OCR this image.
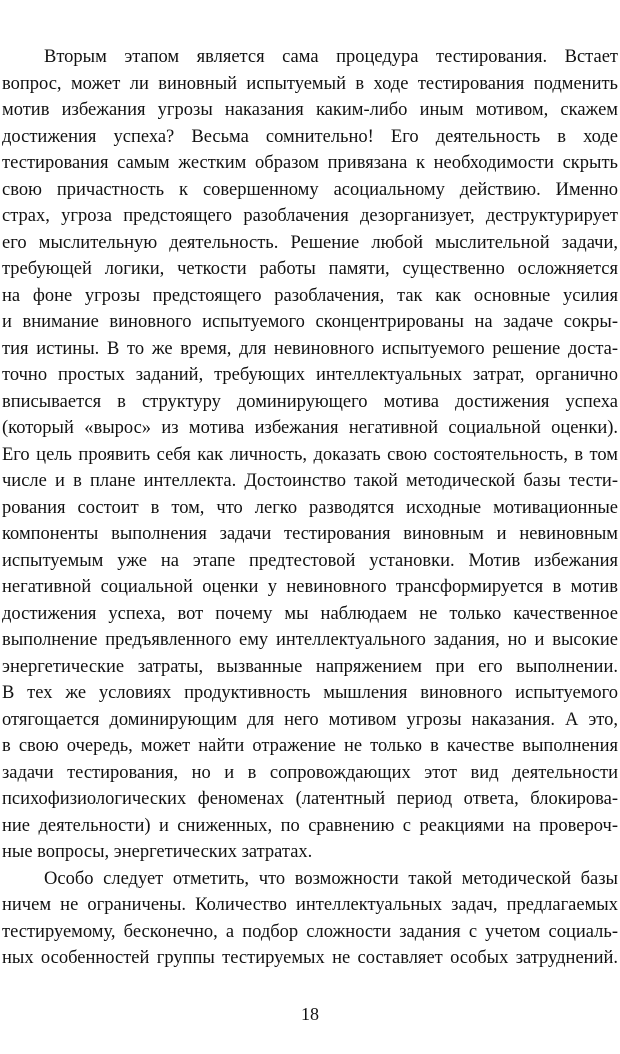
Вторым этапом является сама процедура тестирования. Встает
вопрос, может ли виновный испытуемый в ходе тестирования подменить
мотив избежания угрозы наказания каким-либо иным мотивом, скажем
достижения успеха? Весьма сомнительно! Его деятельность в ходе
тестирования самым жестким образом привязана к необходимости скрыть
свою причастность к совершенному асоциальному действию. Именно
страх, угроза предстоящего разоблачения дезорганизует, деструктурирует
его мыслительную деятельность. Решение любой мыслительной задачи,
требующей логики, четкости работы памяти, существенно осложняется
на фоне угрозы предстоящего разоблачения, так как основные усилия
и внимание виновного испытуемого сконцентрированы на задаче сокры-
тия истины. В то же время, для невиновного испытуемого решение доста-
точно простых заданий, требующих интеллектуальных затрат, органично
вписывается в структуру доминирующего мотива достижения успеха
(который «вырос» из мотива избежания негативной социальной оценки).
Его цель проявить себя как личность, доказать свою состоятельность, в том
числе и в плане интеллекта. Достоинство такой методической базы тести-
рования состоит в том, что легко разводятся исходные мотивационные
компоненты выполнения задачи тестирования виновным и невиновным
испытуемым уже на этапе предтестовой установки. Мотив избежания
негативной социальной оценки у невиновного трансформируется в мотив
достижения успеха, вот почему мы наблюдаем не только качественное
выполнение предъявленного ему интеллектуального задания, но и высокие
энергетические затраты, вызванные напряжением при его выполнении.
В тех же условиях продуктивность мышления виновного испытуемого
отягощается доминирующим для него мотивом угрозы наказания. А это,
в свою очередь, может найти отражение не только в качестве выполнения
задачи тестирования, но и в сопровождающих этот вид деятельности
психофизиологических феноменах (латентный период ответа, блокирова-
ние деятельности) и сниженных, по сравнению с реакциями на провероч-
ные вопросы, энергетических затратах.
Особо следует отметить, что возможности такой методической базы
ничем не ограничены. Количество интеллектуальных задач, предлагаемых
тестируемому, бесконечно, а подбор сложности задания с учетом социаль-
ных особенностей группы тестируемых не составляет особых затруднений.
18
